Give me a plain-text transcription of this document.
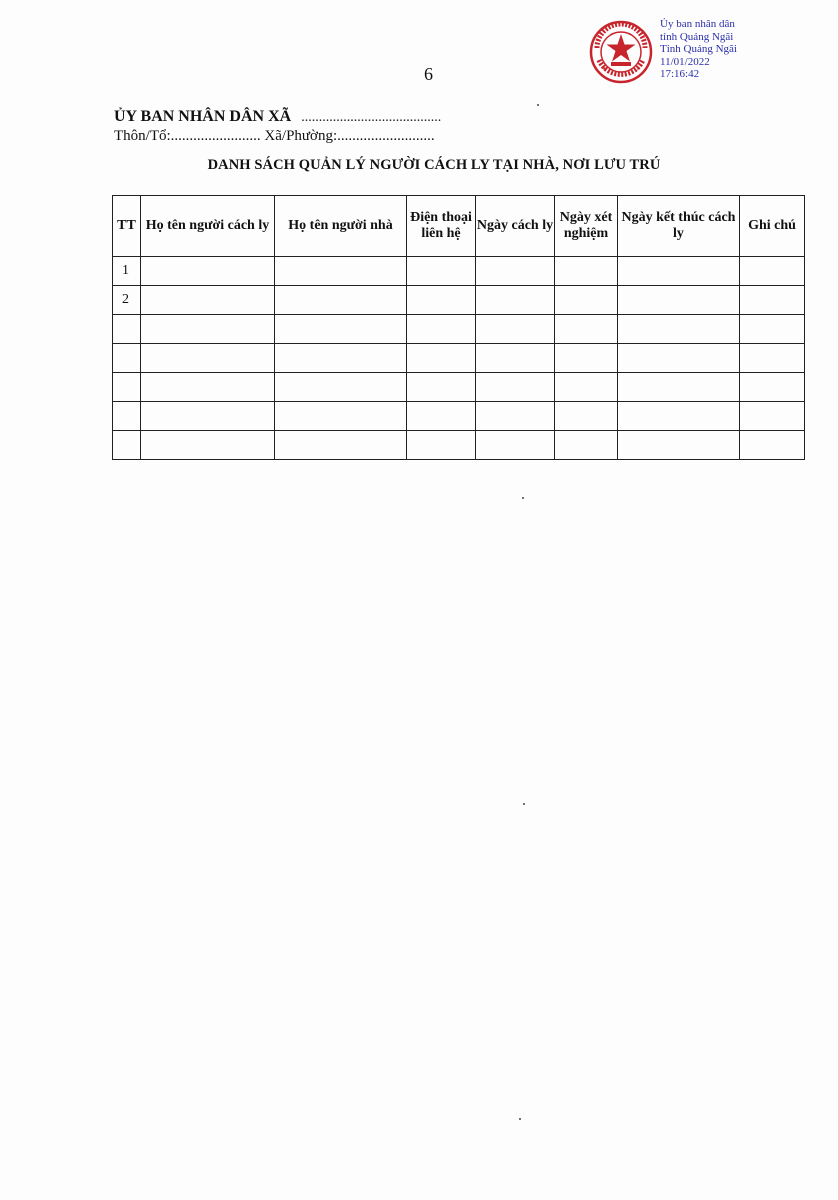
6	★	★
Ủy ban nhân dân
tỉnh Quảng Ngãi
Tỉnh Quảng Ngãi
11/01/2022
17:16:42
ỦY BAN NHÂN DÂN XÃ ........................................
Thôn/Tổ:........................ Xã/Phường:..........................
DANH SÁCH QUẢN LÝ NGƯỜI CÁCH LY TẠI NHÀ, NƠI LƯU TRÚ
TT	Họ tên người cách ly	Họ tên người nhà	Điện thoại liên hệ	Ngày cách ly	Ngày xét nghiệm	Ngày kết thúc cách ly	Ghi chú
1							
2							
